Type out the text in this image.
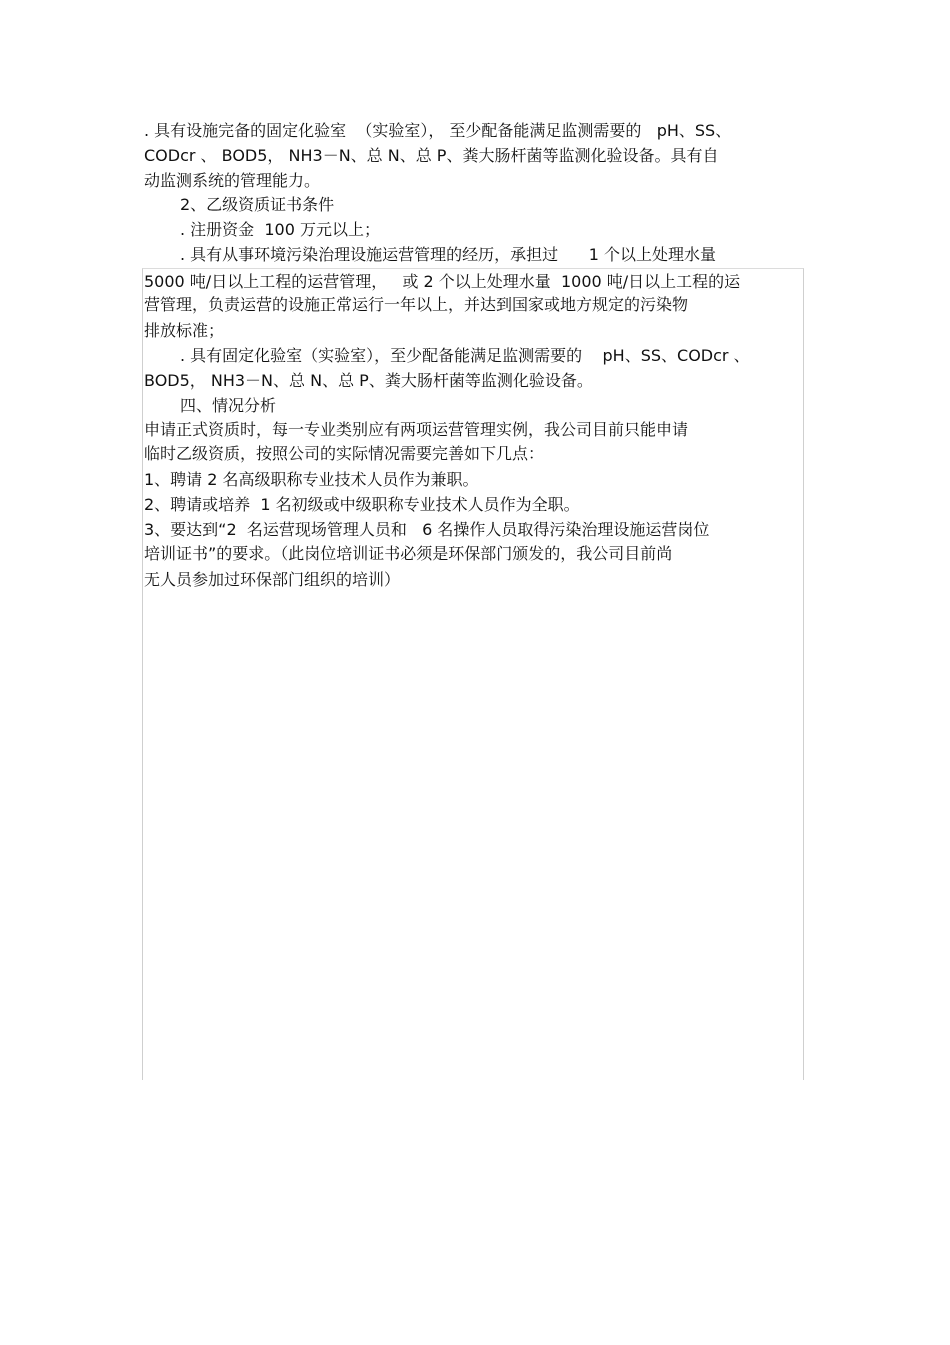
. 具有设施完备的固定化验室  （实验室）， 至少配备能满足监测需要的   pH、SS、
CODcr 、 BOD5， NH3－N、总 N、总 P、粪大肠杆菌等监测化验设备。具有自
动监测系统的管理能力。
2、乙级资质证书条件
. 注册资金  100 万元以上；
. 具有从事环境污染治理设施运营管理的经历，承担过      1 个以上处理水量
5000 吨/日以上工程的运营管理，   或 2 个以上处理水量  1000 吨/日以上工程的运
营管理，负责运营的设施正常运行一年以上，并达到国家或地方规定的污染物
排放标准；
. 具有固定化验室（实验室），至少配备能满足监测需要的    pH、SS、CODcr 、
BOD5， NH3－N、总 N、总 P、粪大肠杆菌等监测化验设备。
四、情况分析
申请正式资质时，每一专业类别应有两项运营管理实例，我公司目前只能申请
临时乙级资质，按照公司的实际情况需要完善如下几点：
1、聘请 2 名高级职称专业技术人员作为兼职。
2、聘请或培养  1 名初级或中级职称专业技术人员作为全职。
3、要达到“2  名运营现场管理人员和   6 名操作人员取得污染治理设施运营岗位
培训证书”的要求。（此岗位培训证书必须是环保部门颁发的，我公司目前尚
无人员参加过环保部门组织的培训）
